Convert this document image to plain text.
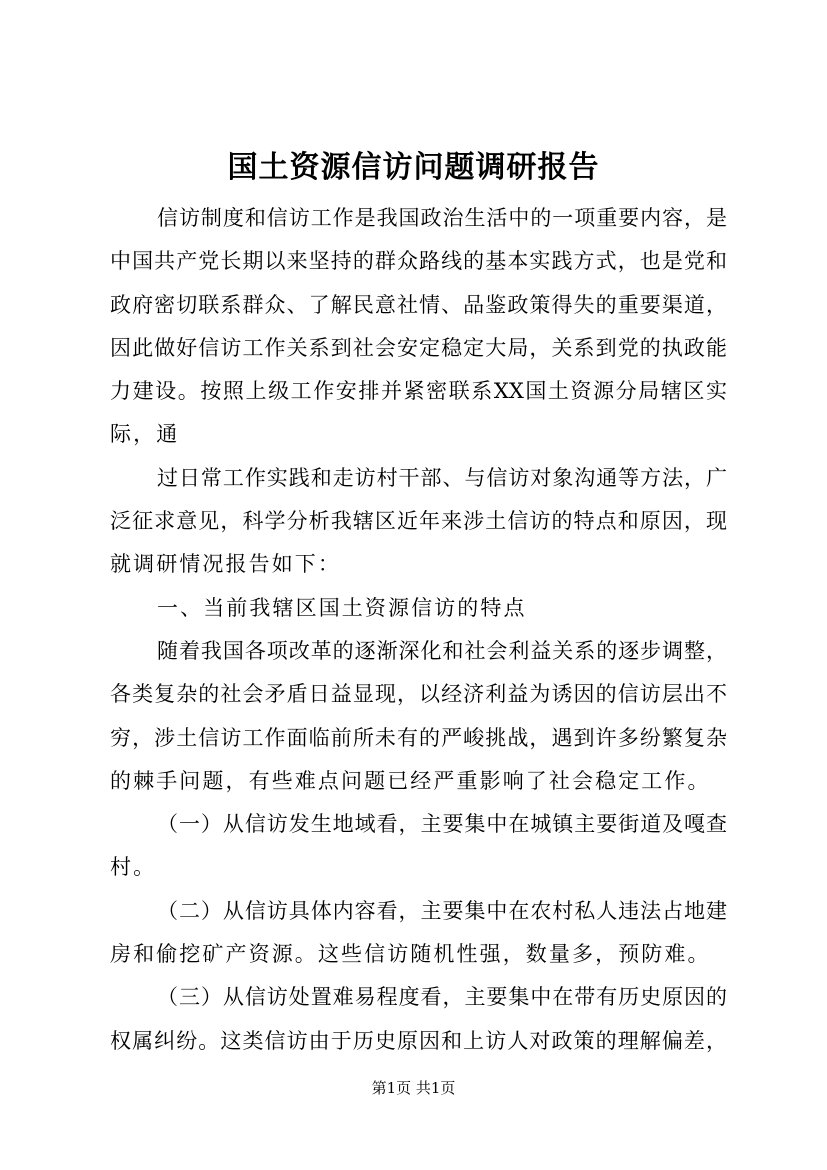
国土资源信访问题调研报告
信访制度和信访工作是我国政治生活中的一项重要内容，是
中国共产党长期以来坚持的群众路线的基本实践方式，也是党和
政府密切联系群众、了解民意社情、品鉴政策得失的重要渠道，
因此做好信访工作关系到社会安定稳定大局，关系到党的执政能
力建设。按照上级工作安排并紧密联系XX国土资源分局辖区实
际，通
过日常工作实践和走访村干部、与信访对象沟通等方法，广
泛征求意见，科学分析我辖区近年来涉土信访的特点和原因，现
就调研情况报告如下：
一、当前我辖区国土资源信访的特点
随着我国各项改革的逐渐深化和社会利益关系的逐步调整，
各类复杂的社会矛盾日益显现，以经济利益为诱因的信访层出不
穷，涉土信访工作面临前所未有的严峻挑战，遇到许多纷繁复杂
的棘手问题，有些难点问题已经严重影响了社会稳定工作。
（一）从信访发生地域看，主要集中在城镇主要街道及嘎查
村。
（二）从信访具体内容看，主要集中在农村私人违法占地建
房和偷挖矿产资源。这些信访随机性强，数量多，预防难。
（三）从信访处置难易程度看，主要集中在带有历史原因的
权属纠纷。这类信访由于历史原因和上访人对政策的理解偏差，

第1页 共1页
